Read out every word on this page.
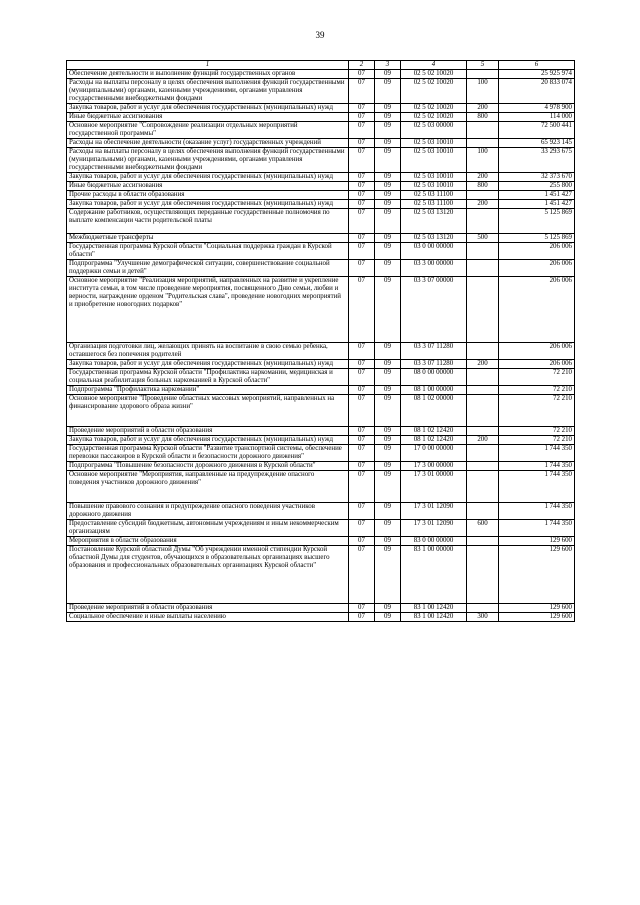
39
1	2	3	4	5	6
Обеспечение деятельности и выполнение функций государственных органов	07	09	02 5 02 10020		25 925 974
Расходы на выплаты персоналу в целях обеспечения выполнения функций государственными (муниципальными) органами, казенными учреждениями, органами управления государственными внебюджетными фондами	07	09	02 5 02 10020	100	20 833 074
Закупка товаров, работ и услуг для обеспечения государственных (муниципальных) нужд	07	09	02 5 02 10020	200	4 978 900
Иные бюджетные ассигнования	07	09	02 5 02 10020	800	114 000
Основное мероприятие "Сопровождение реализации отдельных мероприятий государственной программы"	07	09	02 5 03 00000		72 500 441
Расходы на обеспечение деятельности (оказание услуг) государственных учреждений	07	09	02 5 03 10010		65 923 145
Расходы на выплаты персоналу в целях обеспечения выполнения функций государственными (муниципальными) органами, казенными учреждениями, органами управления государственными внебюджетными фондами	07	09	02 5 03 10010	100	33 293 675
Закупка товаров, работ и услуг для обеспечения государственных (муниципальных) нужд	07	09	02 5 03 10010	200	32 373 670
Иные бюджетные ассигнования	07	09	02 5 03 10010	800	255 800
Прочие расходы в области образования	07	09	02 5 03 11100		1 451 427
Закупка товаров, работ и услуг для обеспечения государственных (муниципальных) нужд	07	09	02 5 03 11100	200	1 451 427
Содержание работников, осуществляющих переданные государственные полномочия по выплате компенсации части родительской платы	07	09	02 5 03 13120		5 125 869
Межбюджетные трансферты	07	09	02 5 03 13120	500	5 125 869
Государственная программа Курской области "Социальная поддержка граждан в Курской области"	07	09	03 0 00 00000		206 006
Подпрограмма "Улучшение демографической ситуации, совершенствование социальной поддержки семьи и детей"	07	09	03 3 00 00000		206 006
Основное мероприятие "Реализация мероприятий, направленных на развитие и укрепление института семьи, в том числе проведение мероприятия, посвященного Дню семьи, любви и верности, награждение орденом "Родительская слава", проведение новогодних мероприятий и приобретение новогодних подарков"	07	09	03 3 07 00000		206 006
Организация подготовки лиц, желающих принять на воспитание в свою семью ребенка, оставшегося без попечения родителей	07	09	03 3 07 11280		206 006
Закупка товаров, работ и услуг для обеспечения государственных (муниципальных) нужд	07	09	03 3 07 11280	200	206 006
Государственная программа Курской области "Профилактика наркомании, медицинская и социальная реабилитация больных наркоманией в Курской области"	07	09	08 0 00 00000		72 210
Подпрограмма "Профилактика наркомании"	07	09	08 1 00 00000		72 210
Основное мероприятие "Проведение областных массовых мероприятий, направленных на финансирование здорового образа жизни"	07	09	08 1 02 00000		72 210
Проведение мероприятий в области образования	07	09	08 1 02 12420		72 210
Закупка товаров, работ и услуг для обеспечения государственных (муниципальных) нужд	07	09	08 1 02 12420	200	72 210
Государственная программа Курской области "Развитие транспортной системы, обеспечение перевозки пассажиров в Курской области и безопасности дорожного движения"	07	09	17 0 00 00000		1 744 350
Подпрограмма "Повышение безопасности дорожного движения в Курской области"	07	09	17 3 00 00000		1 744 350
Основное мероприятие "Мероприятия, направленные на предупреждение опасного поведения участников дорожного движения"	07	09	17 3 01 00000		1 744 350
Повышение правового сознания и предупреждение опасного поведения участников дорожного движения	07	09	17 3 01 12090		1 744 350
Предоставление субсидий бюджетным, автономным учреждениям и иным некоммерческим организациям	07	09	17 3 01 12090	600	1 744 350
Мероприятия в области образования	07	09	83 0 00 00000		129 600
Постановление Курской областной Думы "Об учреждении именной стипендии Курской областной Думы для студентов, обучающихся в образовательных организациях высшего образования и профессиональных образовательных организациях Курской области"	07	09	83 1 00 00000		129 600
Проведение мероприятий в области образования	07	09	83 1 00 12420		129 600
Социальное обеспечение и иные выплаты населению	07	09	83 1 00 12420	300	129 600
